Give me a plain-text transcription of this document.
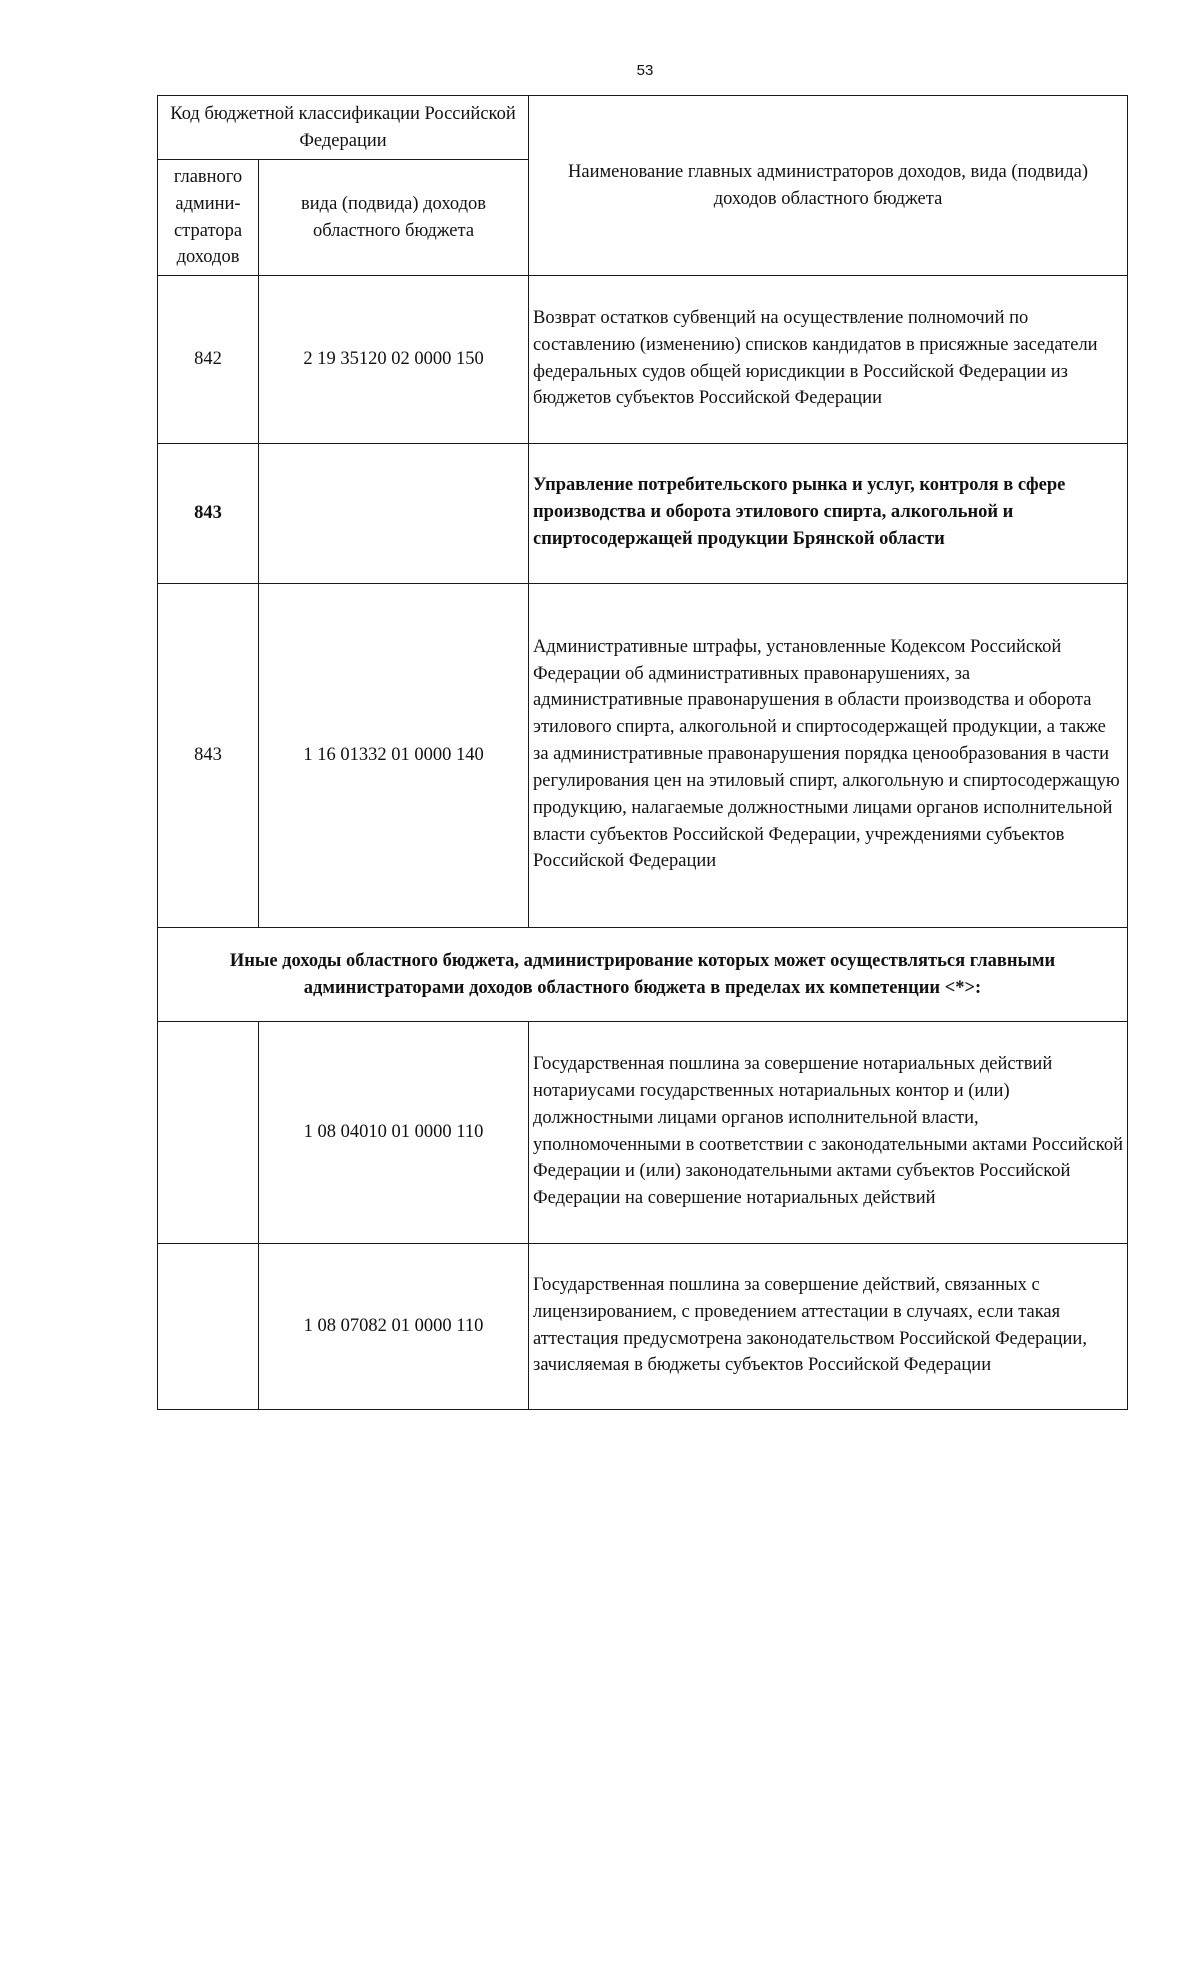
53
Код бюджетной классификации Российской Федерации		Наименование главных администраторов доходов, вида (подвида) доходов областного бюджета
главного админи-стратора доходов	вида (подвида) доходов областного бюджета	
842	2 19 35120 02 0000 150	Возврат остатков субвенций на осуществление полномочий по составлению (изменению) списков кандидатов в присяжные заседатели федеральных судов общей юрисдикции в Российской Федерации из бюджетов субъектов Российской Федерации
843		Управление потребительского рынка и услуг, контроля в сфере производства и оборота этилового спирта, алкогольной и спиртосодержащей продукции Брянской области
843	1 16 01332 01 0000 140	Административные штрафы, установленные Кодексом Российской Федерации об административных правонарушениях, за административные правонарушения в области производства и оборота этилового спирта, алкогольной и спиртосодержащей продукции, а также за административные правонарушения порядка ценообразования в части регулирования цен на этиловый спирт, алкогольную и спиртосодержащую продукцию, налагаемые должностными лицами органов исполнительной власти субъектов Российской Федерации, учреждениями субъектов Российской Федерации
Иные доходы областного бюджета, администрирование которых может осуществляться главными администраторами доходов областного бюджета в пределах их компетенции <*>:		
	1 08 04010 01 0000 110	Государственная пошлина за совершение нотариальных действий нотариусами государственных нотариальных контор и (или) должностными лицами органов исполнительной власти, уполномоченными в соответствии с законодательными актами Российской Федерации и (или) законодательными актами субъектов Российской Федерации на совершение нотариальных действий
	1 08 07082 01 0000 110	Государственная пошлина за совершение действий, связанных с лицензированием, с проведением аттестации в случаях, если такая аттестация предусмотрена законодательством Российской Федерации, зачисляемая в бюджеты субъектов Российской Федерации
